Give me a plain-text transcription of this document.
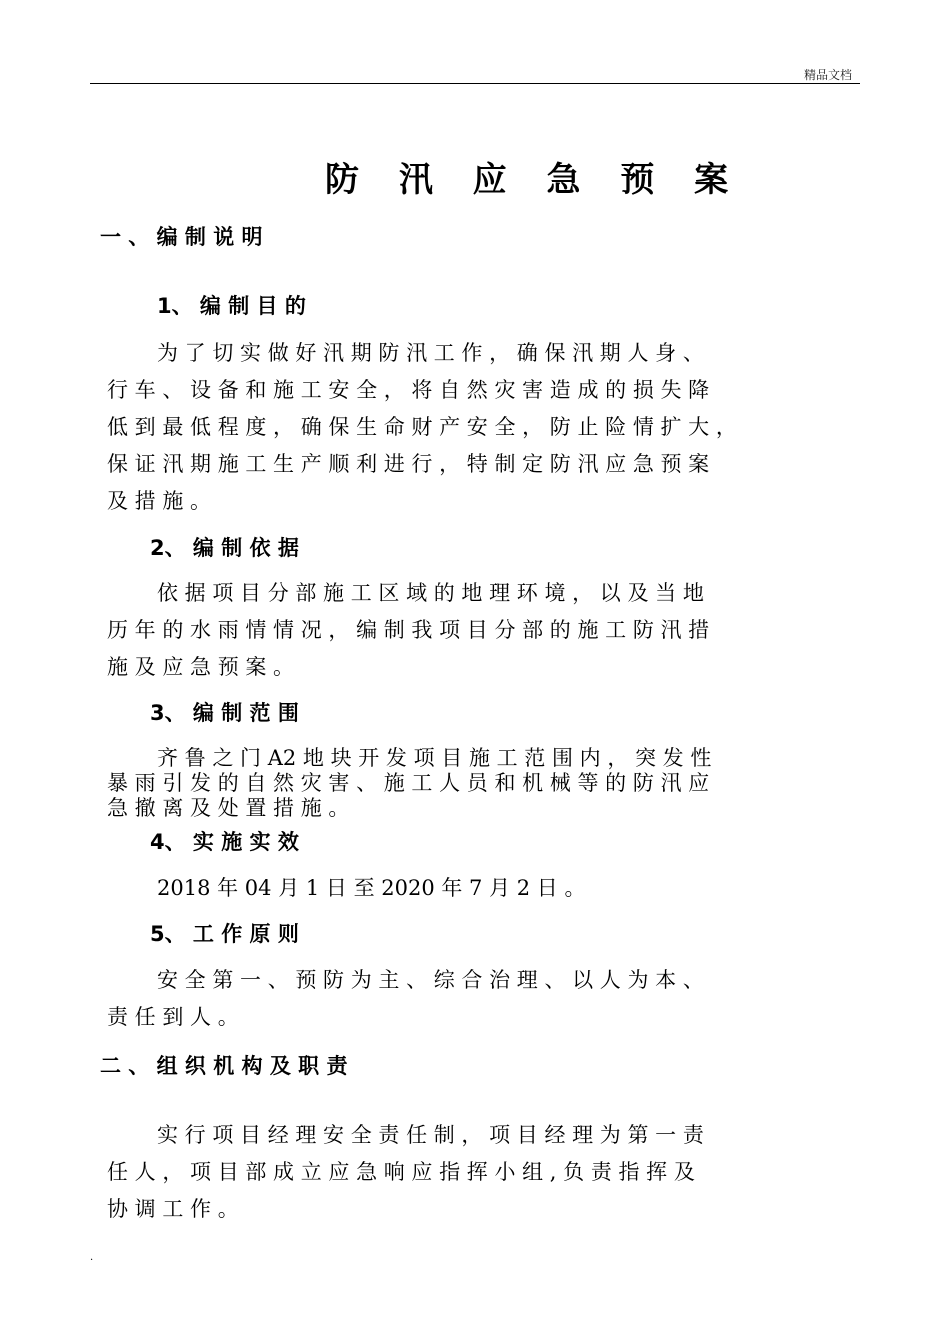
精品文档
防 汛 应 急 预 案
一 、 编 制 说 明
1、 编 制 目 的
为 了 切 实 做 好 汛 期 防 汛 工 作 ， 确 保 汛 期 人 身 、
行 车 、 设 备 和 施 工 安 全 ， 将 自 然 灾 害 造 成 的 损 失 降
低 到 最 低 程 度 ， 确 保 生 命 财 产 安 全 ， 防 止 险 情 扩 大 ，
保 证 汛 期 施 工 生 产 顺 利 进 行 ， 特 制 定 防 汛 应 急 预 案
及 措 施 。
2、 编 制 依 据
依 据 项 目 分 部 施 工 区 域 的 地 理 环 境 ， 以 及 当 地
历 年 的 水 雨 情 情 况 ， 编 制 我 项 目 分 部 的 施 工 防 汛 措
施 及 应 急 预 案 。
3、 编 制 范 围
齐 鲁 之 门 A2 地 块 开 发 项 目 施 工 范 围 内 ， 突 发 性
暴 雨 引 发 的 自 然 灾 害 、 施 工 人 员 和 机 械 等 的 防 汛 应
急 撤 离 及 处 置 措 施 。
4、 实 施 实 效
2018 年 04 月 1 日 至 2020 年 7 月 2 日 。
5、 工 作 原 则
安 全 第 一 、 预 防 为 主 、 综 合 治 理 、 以 人 为 本 、
责 任 到 人 。
二 、 组 织 机 构 及 职 责
实 行 项 目 经 理 安 全 责 任 制 ， 项 目 经 理 为 第 一 责
任 人 ， 项 目 部 成 立 应 急 响 应 指 挥 小 组 , 负 责 指 挥 及
协 调 工 作 。
.
